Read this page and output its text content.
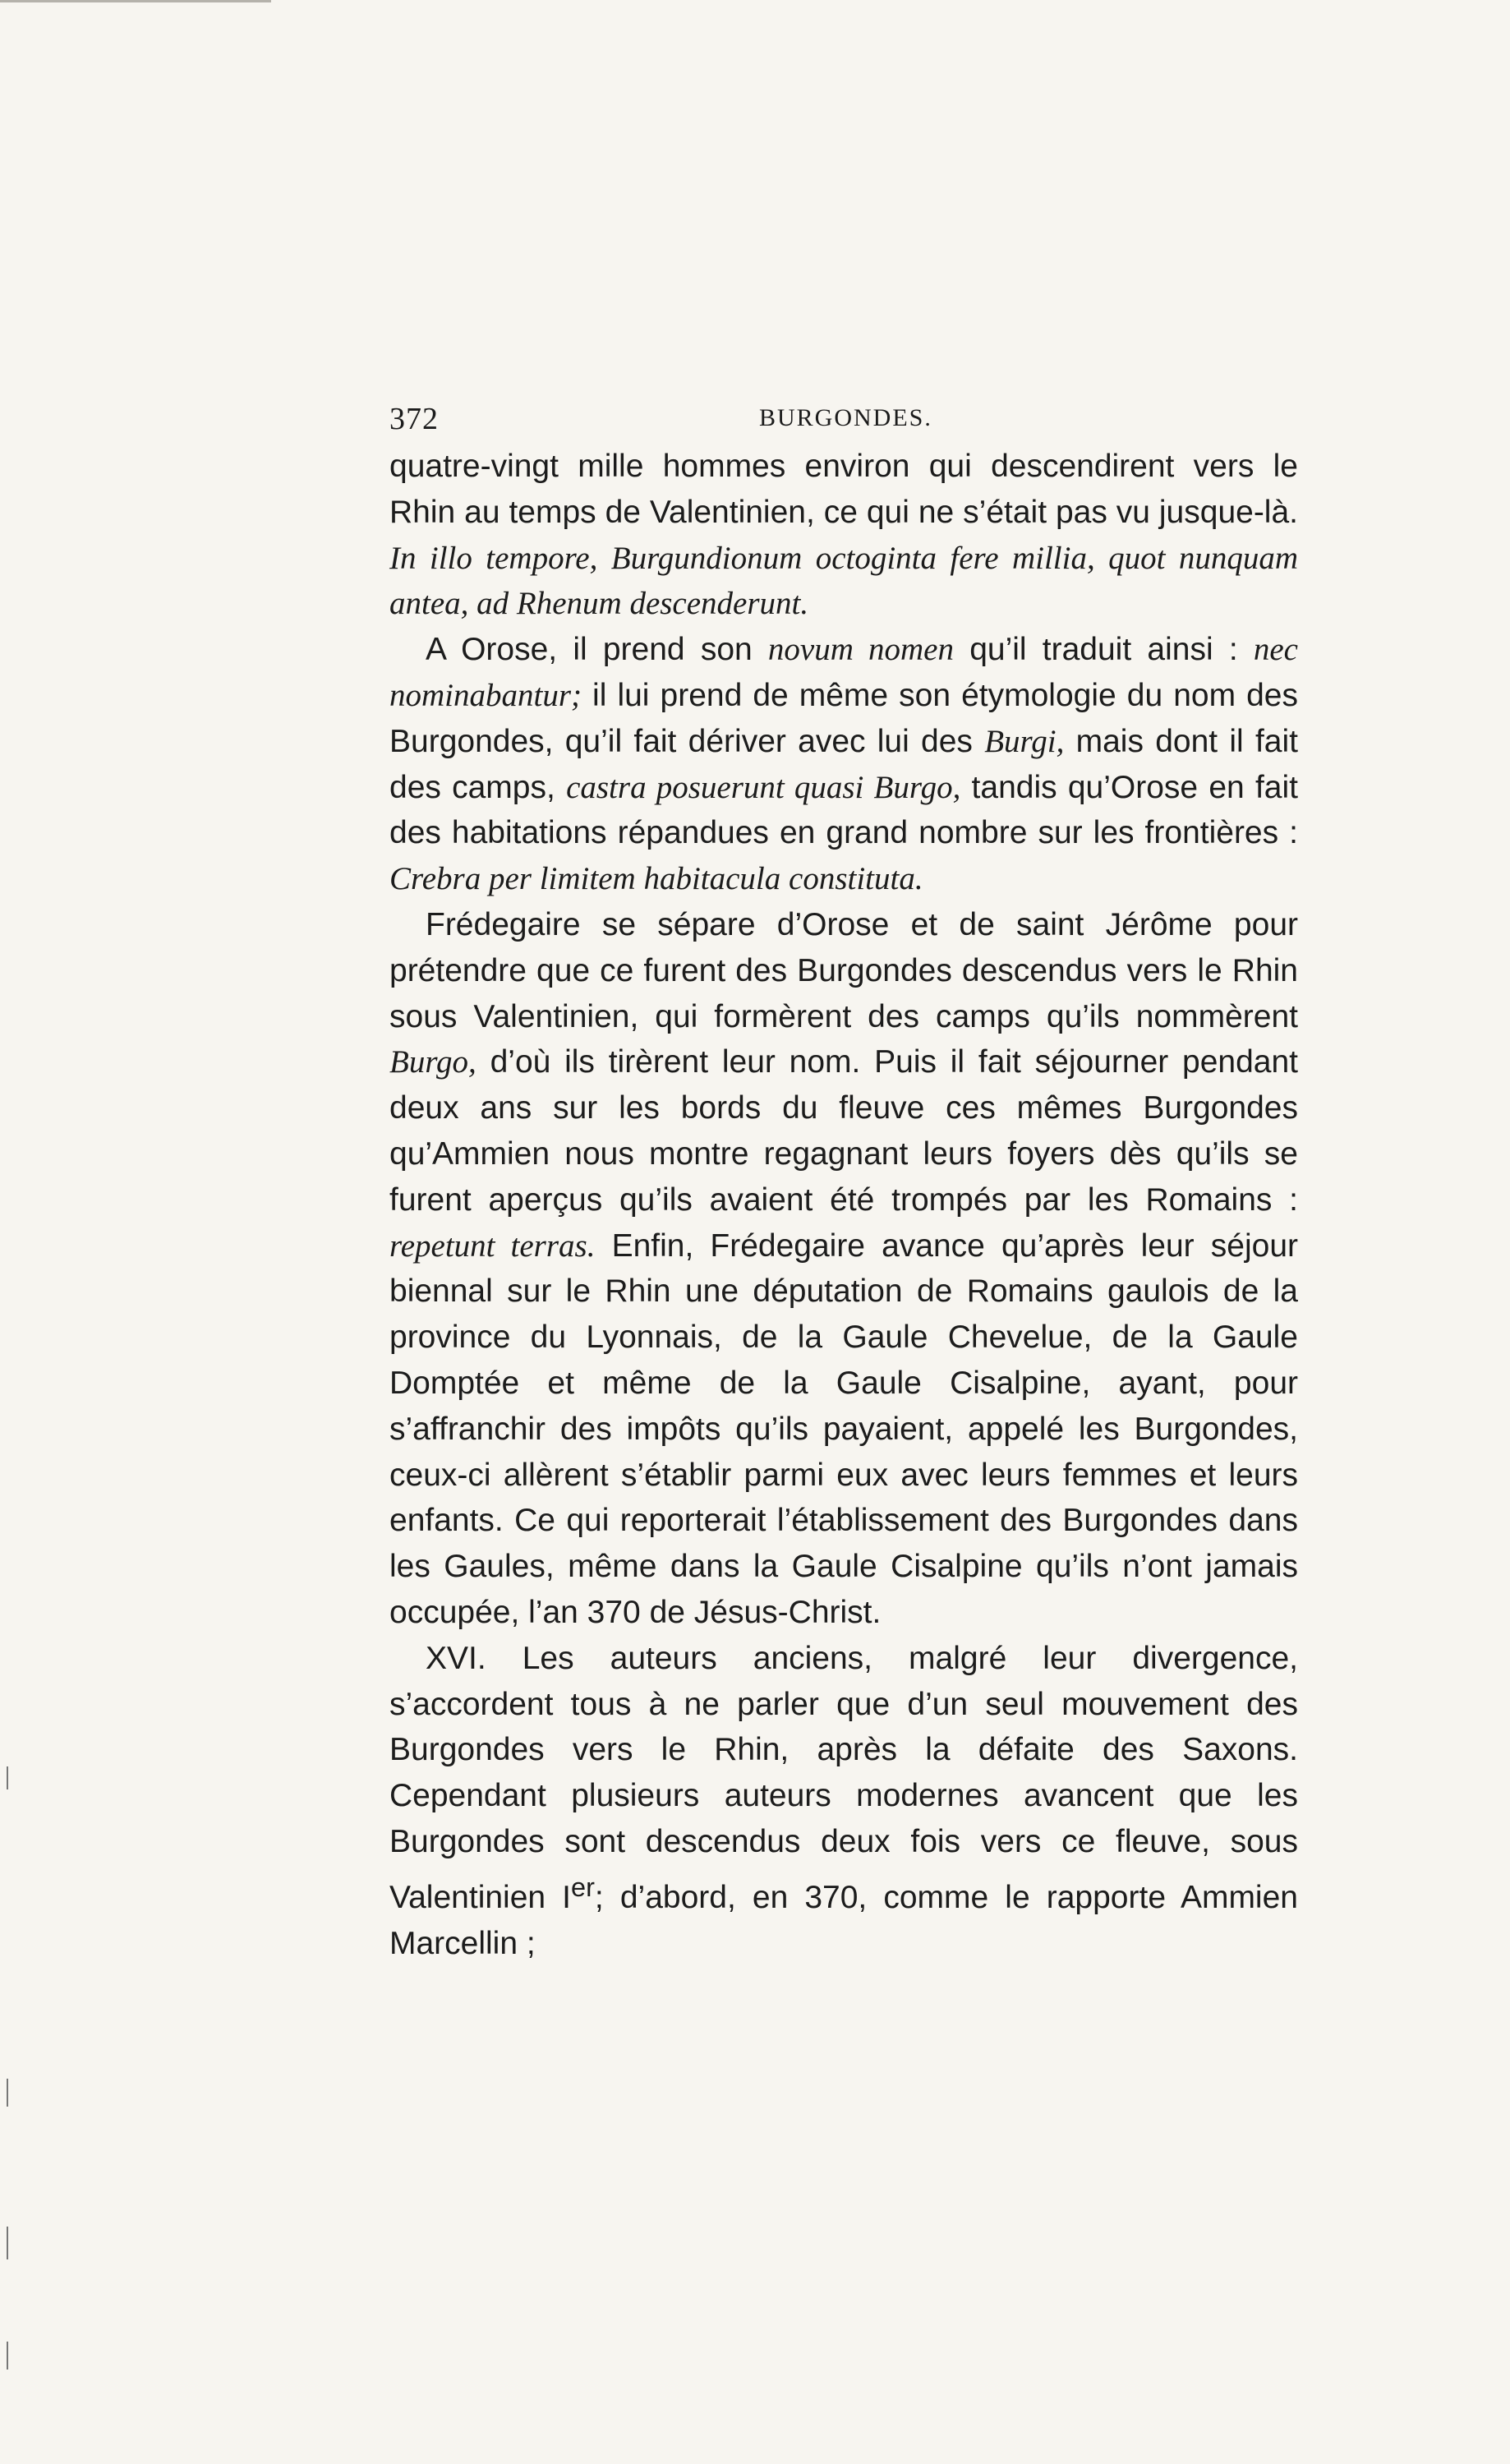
372	BURGONDES.

quatre-vingt mille hommes environ qui descendirent vers le Rhin au temps de Valentinien, ce qui ne s’était pas vu jusque-là. In illo tempore, Burgundionum octoginta fere millia, quot nunquam antea, ad Rhenum descenderunt.

A Orose, il prend son novum nomen qu’il traduit ainsi : nec nominabantur; il lui prend de même son étymologie du nom des Burgondes, qu’il fait dériver avec lui des Burgi, mais dont il fait des camps, castra posuerunt quasi Burgo, tandis qu’Orose en fait des habitations répandues en grand nombre sur les frontières : Crebra per limitem habitacula constituta.

Frédegaire se sépare d’Orose et de saint Jérôme pour prétendre que ce furent des Burgondes descendus vers le Rhin sous Valentinien, qui formèrent des camps qu’ils nommèrent Burgo, d’où ils tirèrent leur nom. Puis il fait séjourner pendant deux ans sur les bords du fleuve ces mêmes Burgondes qu’Ammien nous montre regagnant leurs foyers dès qu’ils se furent aperçus qu’ils avaient été trompés par les Romains : repetunt terras. Enfin, Frédegaire avance qu’après leur séjour biennal sur le Rhin une députation de Romains gaulois de la province du Lyonnais, de la Gaule Chevelue, de la Gaule Domptée et même de la Gaule Cisalpine, ayant, pour s’affranchir des impôts qu’ils payaient, appelé les Burgondes, ceux-ci allèrent s’établir parmi eux avec leurs femmes et leurs enfants. Ce qui reporterait l’établissement des Burgondes dans les Gaules, même dans la Gaule Cisalpine qu’ils n’ont jamais occupée, l’an 370 de Jésus-Christ.

XVI. Les auteurs anciens, malgré leur divergence, s’accordent tous à ne parler que d’un seul mouvement des Burgondes vers le Rhin, après la défaite des Saxons. Cependant plusieurs auteurs modernes avancent que les Burgondes sont descendus deux fois vers ce fleuve, sous Valentinien Ier; d’abord, en 370, comme le rapporte Ammien Marcellin ;
